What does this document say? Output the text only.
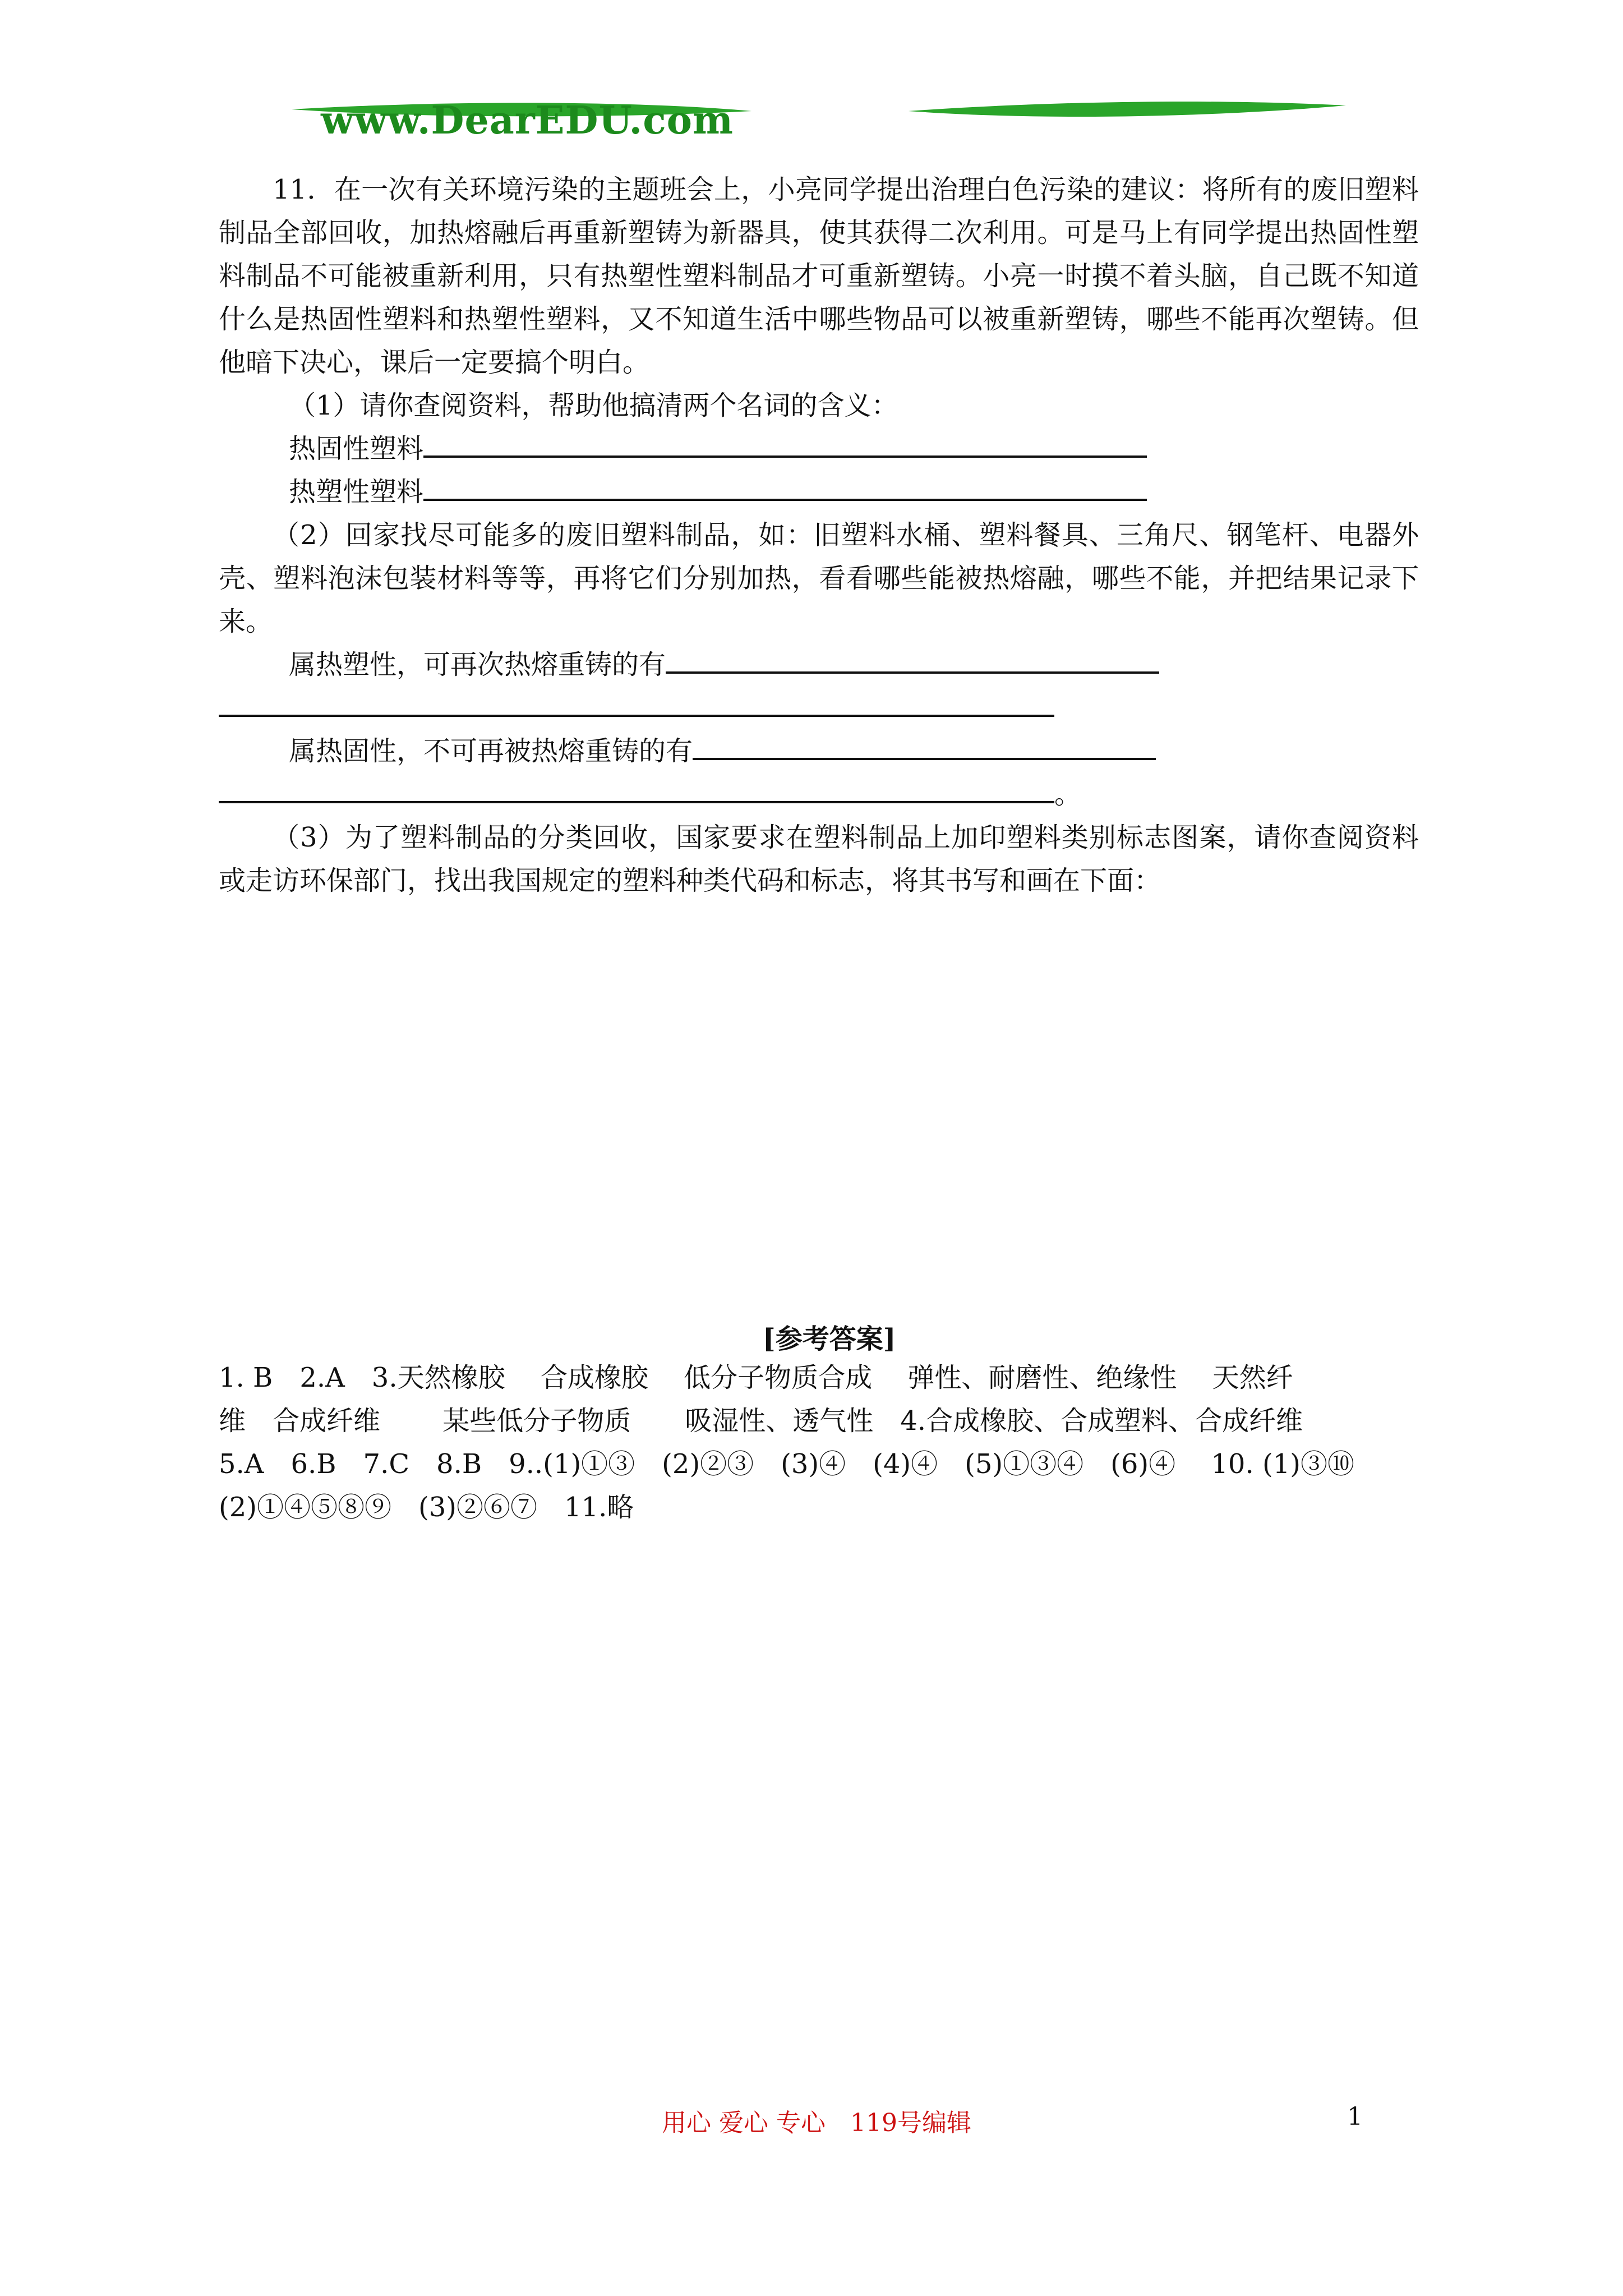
www.DearEDU.com

11．在一次有关环境污染的主题班会上，小亮同学提出治理白色污染的建议：将所有的废旧塑料制品全部回收，加热熔融后再重新塑铸为新器具，使其获得二次利用。可是马上有同学提出热固性塑料制品不可能被重新利用，只有热塑性塑料制品才可重新塑铸。小亮一时摸不着头脑，自己既不知道什么是热固性塑料和热塑性塑料，又不知道生活中哪些物品可以被重新塑铸，哪些不能再次塑铸。但他暗下决心，课后一定要搞个明白。

（1）请你查阅资料，帮助他搞清两个名词的含义：

热固性塑料

热塑性塑料

（2）回家找尽可能多的废旧塑料制品，如：旧塑料水桶、塑料餐具、三角尺、钢笔杆、电器外壳、塑料泡沫包装材料等等，再将它们分别加热，看看哪些能被热熔融，哪些不能，并把结果记录下来。

属热塑性，可再次热熔重铸的有

属热固性，不可再被热熔重铸的有

。

（3）为了塑料制品的分类回收，国家要求在塑料制品上加印塑料类别标志图案，请你查阅资料或走访环保部门，找出我国规定的塑料种类代码和标志，将其书写和画在下面：

[参考答案]

1. B　2.A　3.天然橡胶　 合成橡胶　 低分子物质合成　 弹性、耐磨性、绝缘性　 天然纤

维　合成纤维　　 某些低分子物质　　吸湿性、透气性　4.合成橡胶、合成塑料、合成纤维

5.A　6.B　7.C　8.B　9..(1)①③　(2)②③　(3)④　(4)④　(5)①③④　(6)④　 10. (1)③⑩

(2)①④⑤⑧⑨　(3)②⑥⑦　11.略

用心 爱心 专心　119号编辑	1
